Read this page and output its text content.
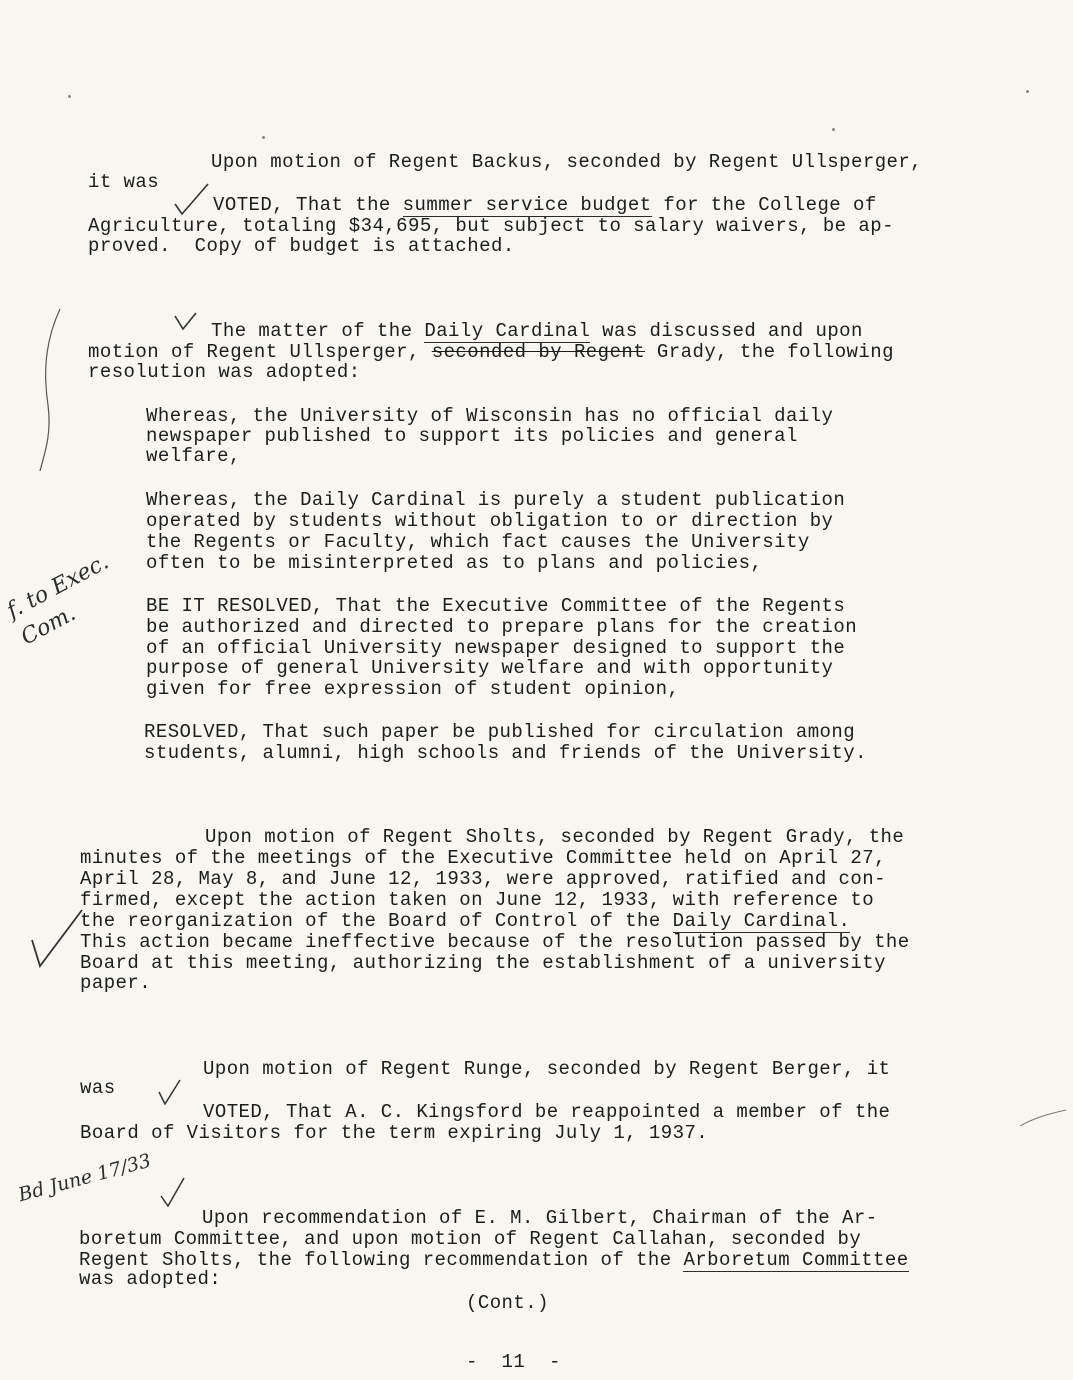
Upon motion of Regent Backus, seconded by Regent Ullsperger,
it was
VOTED, That the summer service budget for the College of
Agriculture, totaling $34,695, but subject to salary waivers, be ap-
proved.  Copy of budget is attached.
The matter of the Daily Cardinal was discussed and upon
motion of Regent Ullsperger, seconded by Regent Grady, the following
resolution was adopted:
Whereas, the University of Wisconsin has no official daily
newspaper published to support its policies and general
welfare,
Whereas, the Daily Cardinal is purely a student publication
operated by students without obligation to or direction by
the Regents or Faculty, which fact causes the University
often to be misinterpreted as to plans and policies,
BE IT RESOLVED, That the Executive Committee of the Regents
be authorized and directed to prepare plans for the creation
of an official University newspaper designed to support the
purpose of general University welfare and with opportunity
given for free expression of student opinion,
RESOLVED, That such paper be published for circulation among
students, alumni, high schools and friends of the University.
Upon motion of Regent Sholts, seconded by Regent Grady, the
minutes of the meetings of the Executive Committee held on April 27,
April 28, May 8, and June 12, 1933, were approved, ratified and con-
firmed, except the action taken on June 12, 1933, with reference to
the reorganization of the Board of Control of the Daily Cardinal.
This action became ineffective because of the resolution passed by the
Board at this meeting, authorizing the establishment of a university
paper.
Upon motion of Regent Runge, seconded by Regent Berger, it
was
VOTED, That A. C. Kingsford be reappointed a member of the
Board of Visitors for the term expiring July 1, 1937.
Upon recommendation of E. M. Gilbert, Chairman of the Ar-
boretum Committee, and upon motion of Regent Callahan, seconded by
Regent Sholts, the following recommendation of the Arboretum Committee
was adopted:
(Cont.)
-  11  -
f. to Exec. Com.
Bd June 17/33
